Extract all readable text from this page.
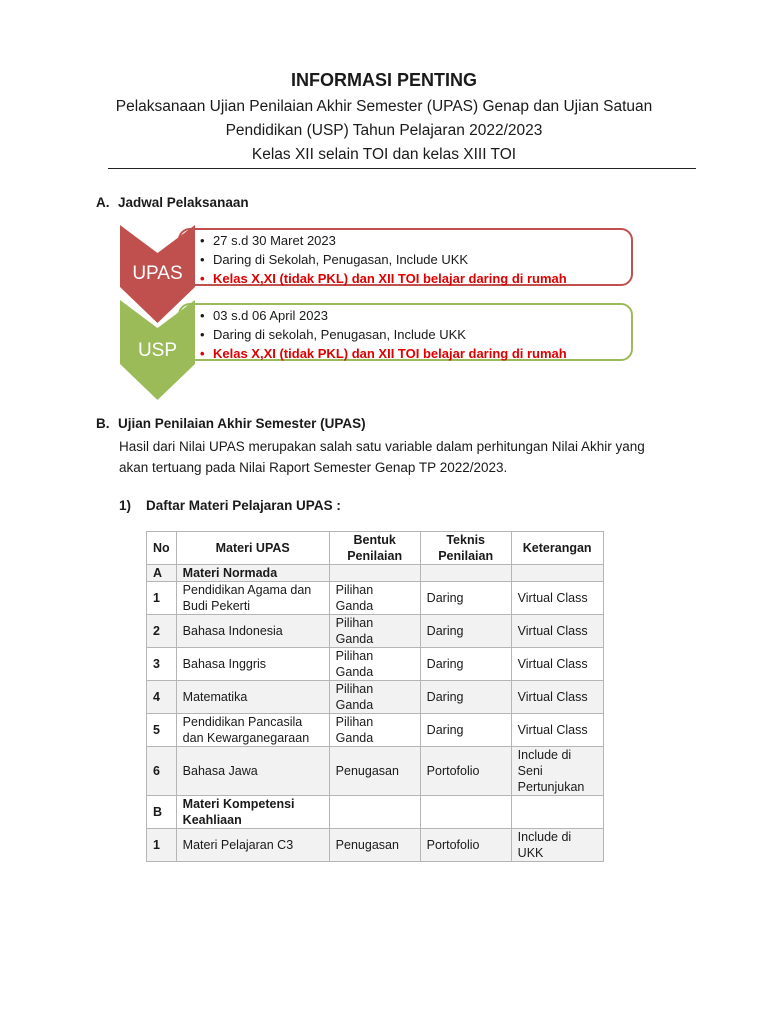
INFORMASI PENTING
Pelaksanaan Ujian Penilaian Akhir Semester (UPAS) Genap dan Ujian Satuan
Pendidikan (USP) Tahun Pelajaran 2022/2023
Kelas XII selain TOI dan kelas XIII TOI
A. Jadwal Pelaksanaan
UPAS
USP
• 27 s.d 30 Maret 2023
• Daring di Sekolah, Penugasan, Include UKK
• Kelas X,XI (tidak PKL) dan XII TOI belajar daring di rumah
• 03 s.d 06 April 2023
• Daring di sekolah, Penugasan, Include UKK
• Kelas X,XI (tidak PKL) dan XII TOI belajar daring di rumah
B. Ujian Penilaian Akhir Semester (UPAS)
Hasil dari Nilai UPAS merupakan salah satu variable dalam perhitungan Nilai Akhir yang
akan tertuang pada Nilai Raport Semester Genap TP 2022/2023.
1) Daftar Materi Pelajaran UPAS :
No	Materi UPAS	Bentuk Penilaian	Teknis Penilaian	Keterangan
A	Materi Normada			
1	Pendidikan Agama dan Budi Pekerti	Pilihan Ganda	Daring	Virtual Class
2	Bahasa Indonesia	Pilihan Ganda	Daring	Virtual Class
3	Bahasa Inggris	Pilihan Ganda	Daring	Virtual Class
4	Matematika	Pilihan Ganda	Daring	Virtual Class
5	Pendidikan Pancasila dan Kewarganegaraan	Pilihan Ganda	Daring	Virtual Class
6	Bahasa Jawa	Penugasan	Portofolio	Include di Seni Pertunjukan
B	Materi Kompetensi Keahliaan			
1	Materi Pelajaran C3	Penugasan	Portofolio	Include di UKK
